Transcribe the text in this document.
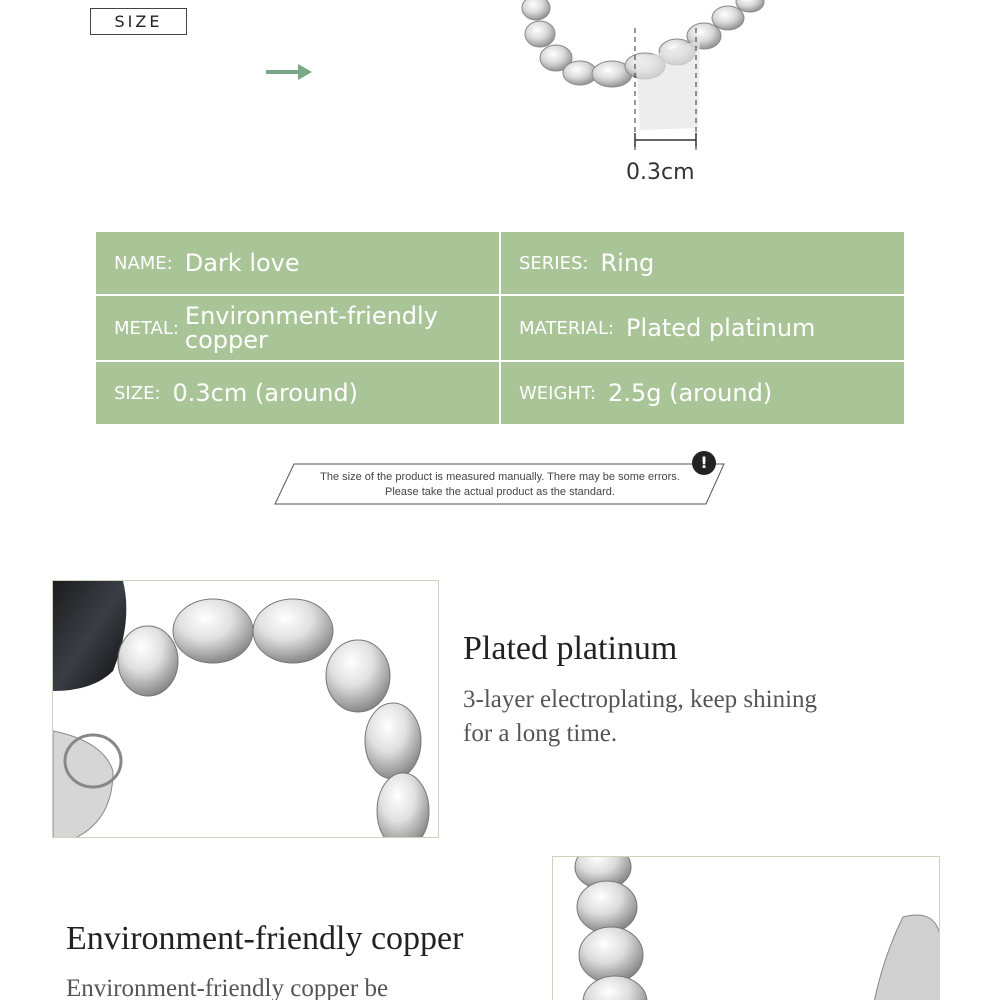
SIZE
0.3cm
NAME: Dark love	SERIES: Ring
METAL: Environment-friendly copper	MATERIAL: Plated platinum
SIZE: 0.3cm (around)	WEIGHT: 2.5g (around)
!
The size of the product is measured manually. There may be some errors.
Please take the actual product as the standard.
Plated platinum
3-layer electroplating, keep shining
for a long time.
Environment-friendly copper
Environment-friendly copper be
